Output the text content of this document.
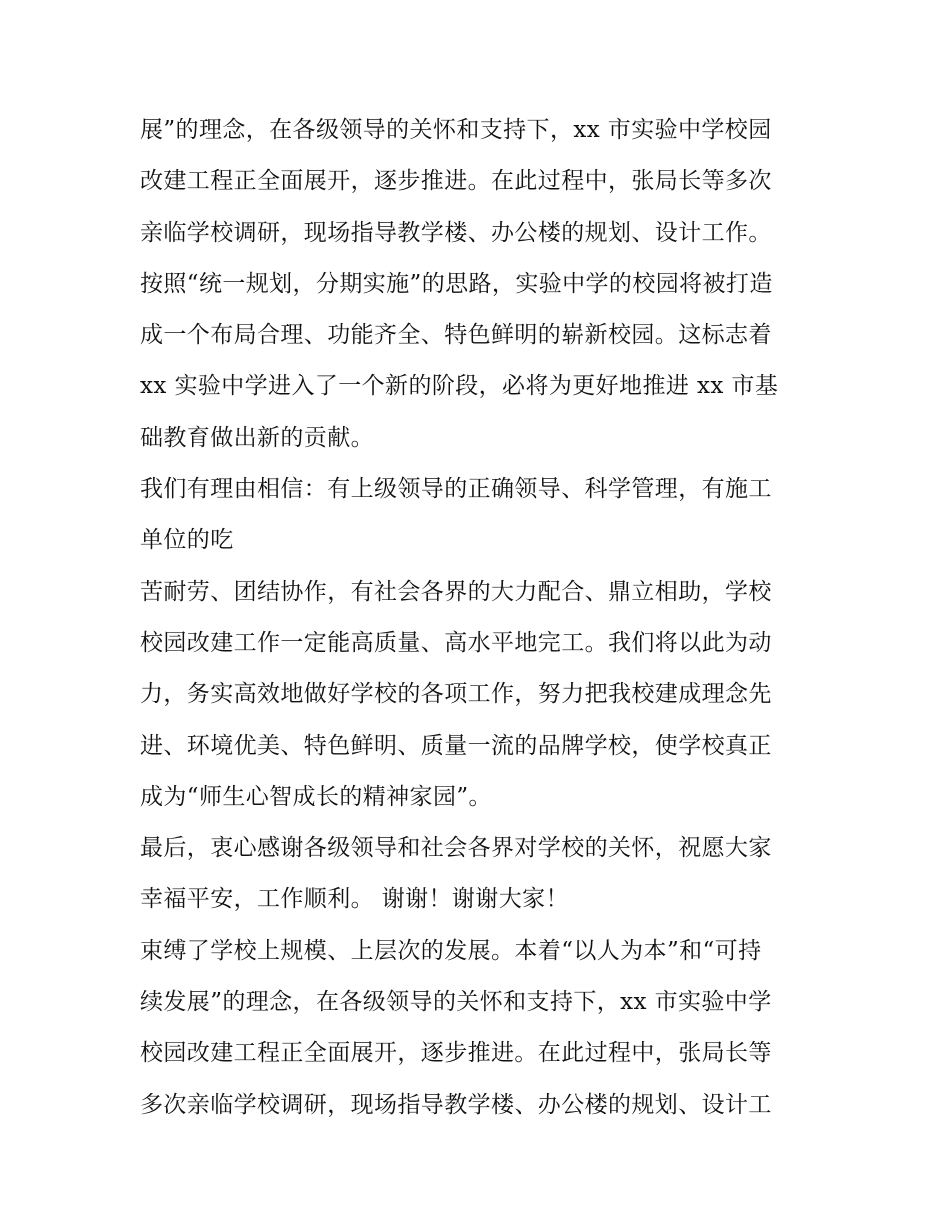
展”的理念，在各级领导的关怀和支持下，xx 市实验中学校园
改建工程正全面展开，逐步推进。在此过程中，张局长等多次
亲临学校调研，现场指导教学楼、办公楼的规划、设计工作。
按照“统一规划，分期实施”的思路，实验中学的校园将被打造
成一个布局合理、功能齐全、特色鲜明的崭新校园。这标志着
xx 实验中学进入了一个新的阶段，必将为更好地推进 xx 市基
础教育做出新的贡献。
我们有理由相信：有上级领导的正确领导、科学管理，有施工
单位的吃
苦耐劳、团结协作，有社会各界的大力配合、鼎立相助，学校
校园改建工作一定能高质量、高水平地完工。我们将以此为动
力，务实高效地做好学校的各项工作，努力把我校建成理念先
进、环境优美、特色鲜明、质量一流的品牌学校，使学校真正
成为“师生心智成长的精神家园”。
最后，衷心感谢各级领导和社会各界对学校的关怀，祝愿大家
幸福平安，工作顺利。 谢谢！谢谢大家！
束缚了学校上规模、上层次的发展。本着“以人为本”和“可持
续发展”的理念，在各级领导的关怀和支持下，xx 市实验中学
校园改建工程正全面展开，逐步推进。在此过程中，张局长等
多次亲临学校调研，现场指导教学楼、办公楼的规划、设计工
